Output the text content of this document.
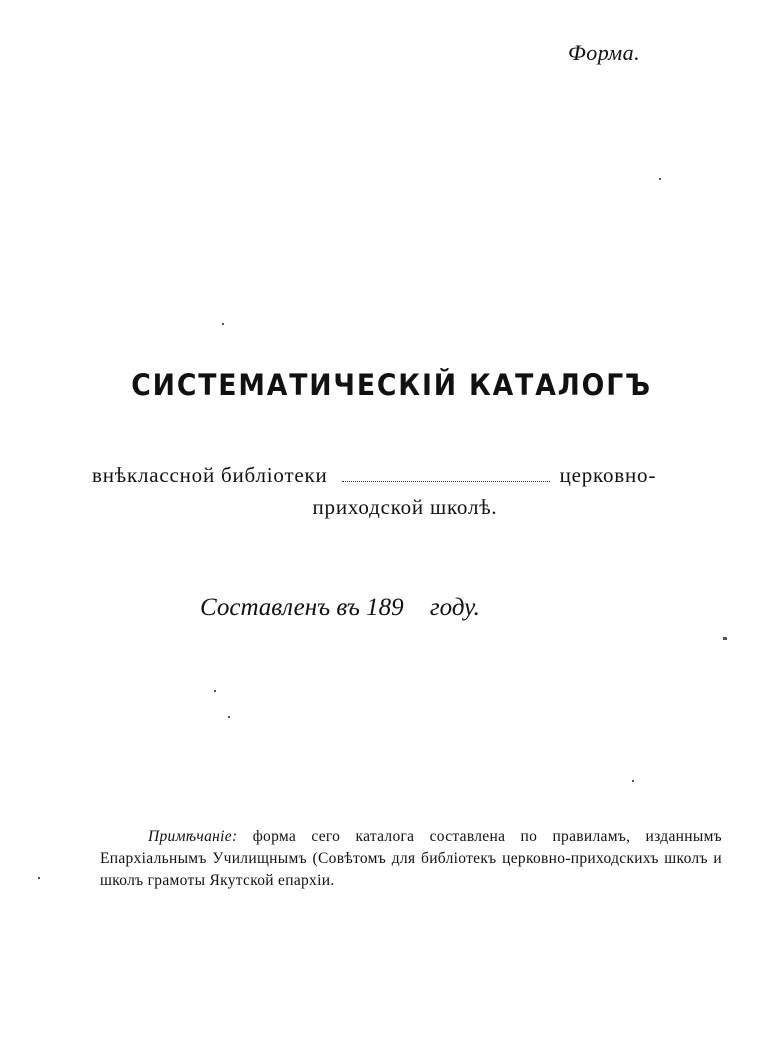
Форма.
СИСТЕМАТИЧЕСКІЙ КАТАЛОГЪ
внѣклассной библіотеки	церковно-
приходской школѣ.
Составленъ въ 189 году.
Примѣчаніе: форма сего каталога составлена по правиламъ, изданнымъ Епархіальнымъ Училищнымъ (Совѣтомъ для библіотекъ церковно-приходскихъ школъ и школъ грамоты Якутской епархіи.
